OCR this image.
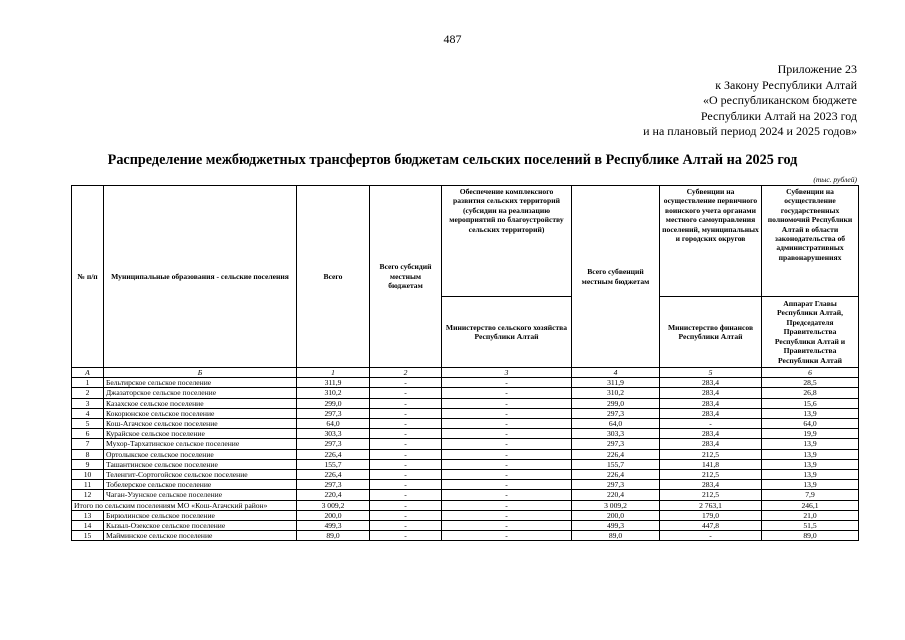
487
Приложение 23
к Закону Республики Алтай
«О республиканском бюджете
Республики Алтай на 2023 год
и на плановый период 2024 и 2025 годов»
Распределение межбюджетных трансфертов бюджетам сельских поселений в Республике Алтай на 2025 год
(тыс. рублей)
№ п/п	Муниципальные образования - сельские поселения	Всего	Всего субсидий местным бюджетам	Обеспечение комплексного развития сельских территорий (субсидии на реализацию мероприятий по благоустройству сельских территорий)	Всего субвенций местным бюджетам	Субвенции на осуществление первичного воинского учета органами местного самоуправления поселений, муниципальных и городских округов	Субвенции на осуществление государственных полномочий Республики Алтай в области законодательства об административных правонарушениях
				Министерство сельского хозяйства Республики Алтай		Министерство финансов Республики Алтай	Аппарат Главы Республики Алтай, Председателя Правительства Республики Алтай и Правительства Республики Алтай
А	Б	1	2	3	4	5	6
1	Бельтирское сельское поселение	311,9	-	-	311,9	283,4	28,5
2	Джазаторское сельское поселение	310,2	-	-	310,2	283,4	26,8
3	Казахское сельское поселение	299,0	-	-	299,0	283,4	15,6
4	Кокорюнское сельское поселение	297,3	-	-	297,3	283,4	13,9
5	Кош-Агачское сельское поселение	64,0	-	-	64,0	-	64,0
6	Курайское сельское поселение	303,3	-	-	303,3	283,4	19,9
7	Мухор-Тархатинское сельское поселение	297,3	-	-	297,3	283,4	13,9
8	Ортолыкское сельское поселение	226,4	-	-	226,4	212,5	13,9
9	Ташантинское сельское поселение	155,7	-	-	155,7	141,8	13,9
10	Теленгит-Сортогойское сельское поселение	226,4	-	-	226,4	212,5	13,9
11	Тобелерское сельское поселение	297,3	-	-	297,3	283,4	13,9
12	Чаган-Узунское сельское поселение	220,4	-	-	220,4	212,5	7,9
Итого по сельским поселениям МО «Кош-Агачский район»		3 009,2	-	-	3 009,2	2 763,1	246,1
13	Бирюлинское сельское поселение	200,0	-	-	200,0	179,0	21,0
14	Кызыл-Озекское сельское поселение	499,3	-	-	499,3	447,8	51,5
15	Майминское сельское поселение	89,0	-	-	89,0	-	89,0
